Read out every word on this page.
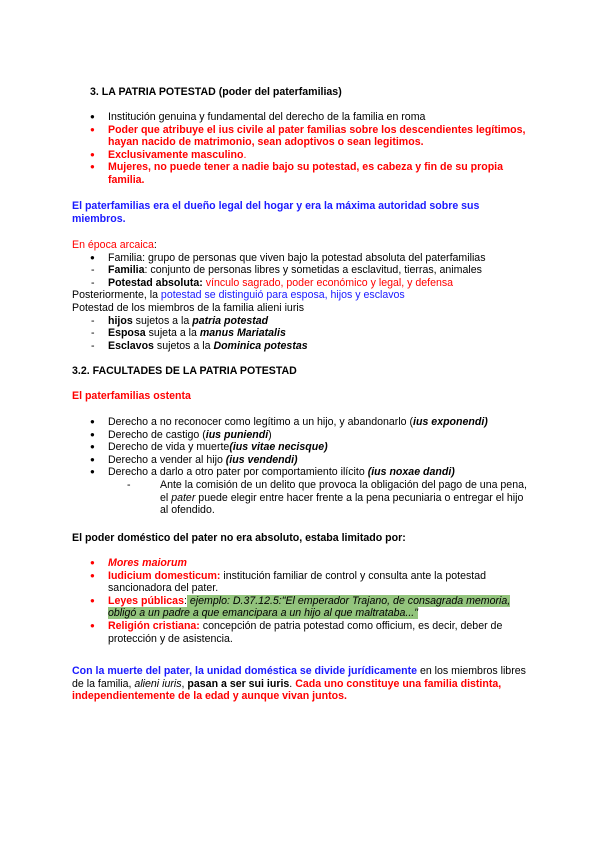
3. LA PATRIA POTESTAD (poder del paterfamilias)
● Institución genuina y fundamental del derecho de la familia en roma
● Poder que atribuye el ius civile al pater familias sobre los descendientes legítimos, hayan nacido de matrimonio, sean adoptivos o sean legitimos.
● Exclusivamente masculino.
● Mujeres, no puede tener a nadie bajo su potestad, es cabeza y fin de su propia familia.
El paterfamilias era el dueño legal del hogar y era la máxima autoridad sobre sus miembros.
En época arcaica:
● Familia: grupo de personas que viven bajo la potestad absoluta del paterfamilias
- Familia: conjunto de personas libres y sometidas a esclavitud, tierras, animales
- Potestad absoluta: vínculo sagrado, poder económico y legal, y defensa
Posteriormente, la potestad se distinguió para esposa, hijos y esclavos
Potestad de los miembros de la familia alieni iuris
- hijos sujetos a la patria potestad
- Esposa sujeta a la manus Mariatalis
- Esclavos sujetos a la Dominica potestas
3.2. FACULTADES DE LA PATRIA POTESTAD
El paterfamilias ostenta
● Derecho a no reconocer como legítimo a un hijo, y abandonarlo (ius exponendi)
● Derecho de castigo (ius puniendi)
● Derecho de vida y muerte(ius vitae necisque)
● Derecho a vender al hijo (ius vendendi)
● Derecho a darlo a otro pater por comportamiento ilícito (ius noxae dandi)
- Ante la comisión de un delito que provoca la obligación del pago de una pena, el pater puede elegir entre hacer frente a la pena pecuniaria o entregar el hijo al ofendido.
El poder doméstico del pater no era absoluto, estaba limitado por:
● Mores maiorum
● Iudicium domesticum: institución familiar de control y consulta ante la potestad sancionadora del pater.
● Leyes públicas: ejemplo: D.37.12.5:"El emperador Trajano, de consagrada memoria, obligó a un padre a que emancipara a un hijo al que maltrataba..."
● Religión cristiana: concepción de patria potestad como officium, es decir, deber de protección y de asistencia.
Con la muerte del pater, la unidad doméstica se divide jurídicamente en los miembros libres de la familia, alieni iuris, pasan a ser sui iuris. Cada uno constituye una familia distinta, independientemente de la edad y aunque vivan juntos.
